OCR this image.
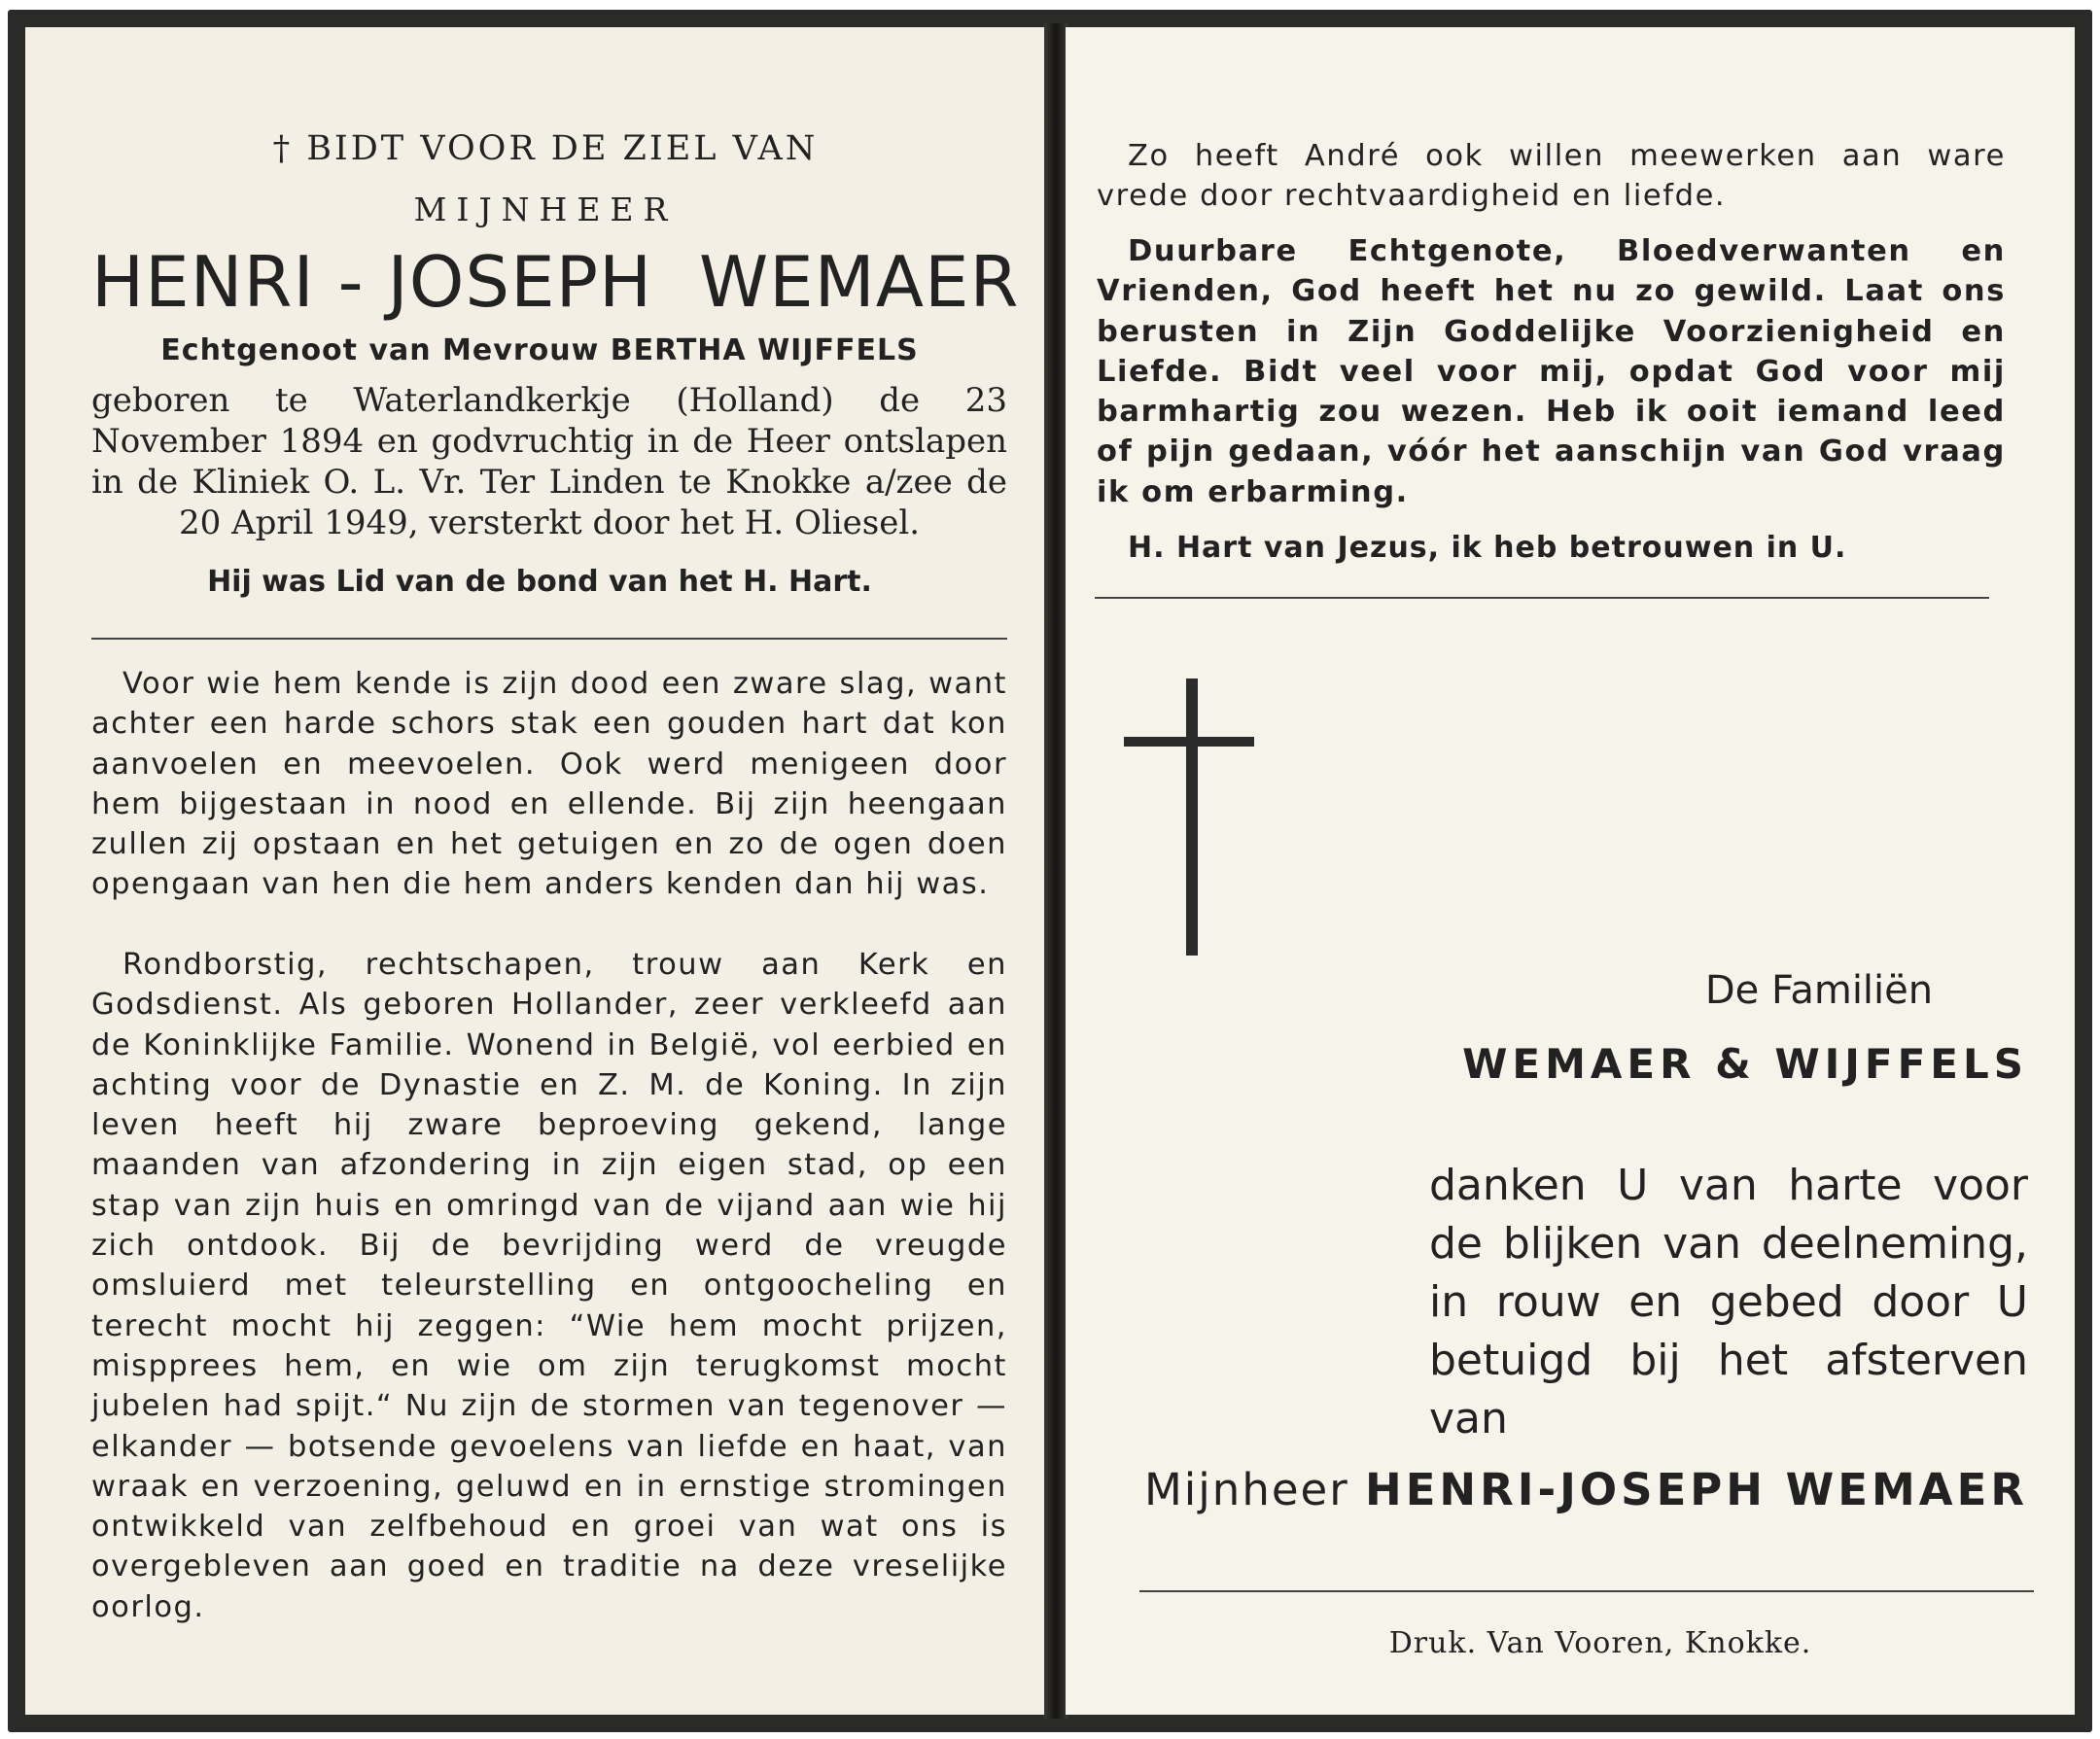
† BIDT VOOR DE ZIEL VAN
MIJNHEER
HENRI - JOSEPH  WEMAER
Echtgenoot van Mevrouw BERTHA WIJFFELS
geboren te Waterlandkerkje (Holland) de 23 November 1894 en godvruchtig in de Heer ontslapen in de Kliniek O. L. Vr. Ter Linden te Knokke a/zee de 20 April 1949, versterkt door het H. Oliesel.
Hij was Lid van de bond van het H. Hart.

Voor wie hem kende is zijn dood een zware slag, want achter een harde schors stak een gouden hart dat kon aanvoelen en meevoelen. Ook werd menigeen door hem bijgestaan in nood en ellende. Bij zijn heengaan zullen zij opstaan en het getuigen en zo de ogen doen opengaan van hen die hem anders kenden dan hij was.

Rondborstig, rechtschapen, trouw aan Kerk en Godsdienst. Als geboren Hollander, zeer verkleefd aan de Koninklijke Familie. Wonend in België, vol eerbied en achting voor de Dynastie en Z. M. de Koning. In zijn leven heeft hij zware beproeving gekend, lange maanden van afzondering in zijn eigen stad, op een stap van zijn huis en omringd van de vijand aan wie hij zich ontdook. Bij de bevrijding werd de vreugde omsluierd met teleurstelling en ontgoocheling en terecht mocht hij zeggen: “Wie hem mocht prijzen, mispprees hem, en wie om zijn terugkomst mocht jubelen had spijt.“ Nu zijn de stormen van tegenover — elkander — botsende gevoelens van liefde en haat, van wraak en verzoening, geluwd en in ernstige stromingen ontwikkeld van zelfbehoud en groei van wat ons is overgebleven aan goed en traditie na deze vreselijke oorlog.

Zo heeft André ook willen meewerken aan ware vrede door rechtvaardigheid en liefde.

Duurbare Echtgenote, Bloedverwanten en Vrienden, God heeft het nu zo gewild. Laat ons berusten in Zijn Goddelijke Voorzienigheid en Liefde. Bidt veel voor mij, opdat God voor mij barmhartig zou wezen. Heb ik ooit iemand leed of pijn gedaan, vóór het aanschijn van God vraag ik om erbarming.

H. Hart van Jezus, ik heb betrouwen in U.
De Familiën
WEMAER & WIJFFELS
danken U van harte voor de blijken van deelneming, in rouw en gebed door U betuigd bij het afsterven van
Mijnheer HENRI-JOSEPH WEMAER
Druk. Van Vooren, Knokke.
